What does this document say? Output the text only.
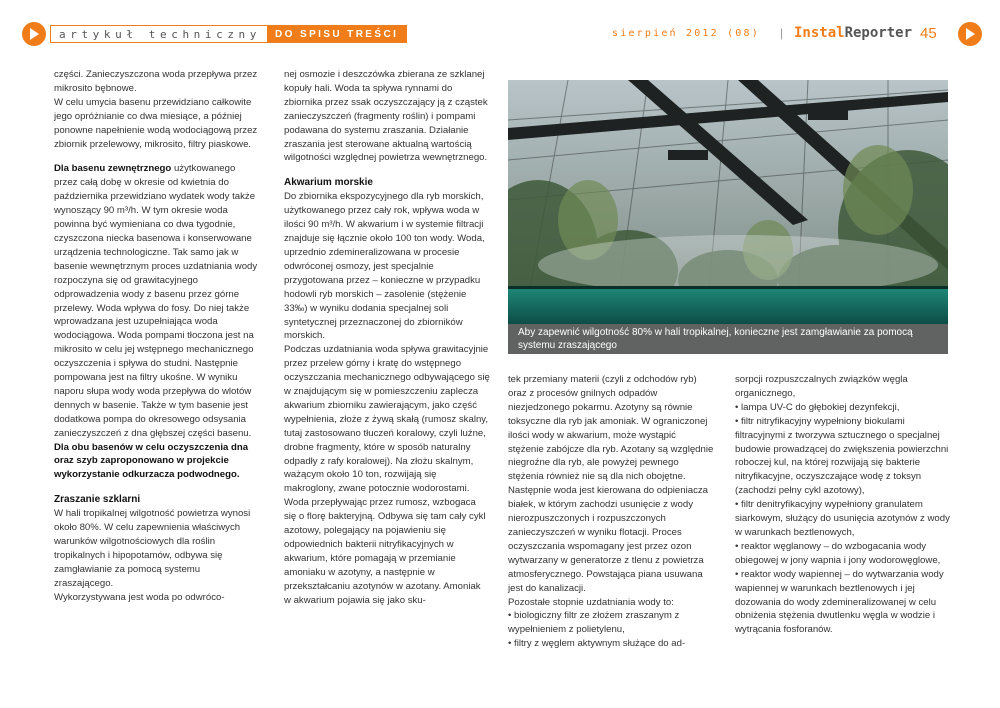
artykuł techniczny	DO SPISU TREŚCI	sierpień 2012 (08) | InstalReporter 45

części. Zanieczyszczona woda przepływa przez mikrosito bębnowe.

W celu umycia basenu przewidziano całkowite jego opróżnianie co dwa miesiące, a później ponowne napełnienie wodą wodociągową przez zbiornik przelewowy, mikrosito, filtry piaskowe.

Dla basenu zewnętrznego użytkowanego przez całą dobę w okresie od kwietnia do października przewidziano wydatek wody także wynoszący 90 m³/h. W tym okresie woda powinna być wymieniana co dwa tygodnie, czyszczona niecka basenowa i konserwowane urządzenia technologiczne. Tak samo jak w basenie wewnętrznym proces uzdatniania wody rozpoczyna się od grawitacyjnego odprowadzenia wody z basenu przez górne przelewy. Woda wpływa do fosy. Do niej także wprowadzana jest uzupełniająca woda wodociągowa. Woda pompami tłoczona jest na mikrosito w celu jej wstępnego mechanicznego oczyszczenia i spływa do studni. Następnie pompowana jest na filtry ukośne. W wyniku naporu słupa wody woda przepływa do wlotów dennych w basenie. Także w tym basenie jest dodatkowa pompa do okresowego odsysania zanieczyszczeń z dna głębszej części basenu.

Dla obu basenów w celu oczyszczenia dna oraz szyb zaproponowano w projekcie wykorzystanie odkurzacza podwodnego.

Zraszanie szklarni

W hali tropikalnej wilgotność powietrza wynosi około 80%. W celu zapewnienia właściwych warunków wilgotnościowych dla roślin tropikalnych i hipopotamów, odbywa się zamgławianie za pomocą systemu zraszającego.

Wykorzystywana jest woda po odwróco-

nej osmozie i deszczówka zbierana ze szklanej kopuły hali. Woda ta spływa rynnami do zbiornika przez ssak oczyszczający ją z cząstek zanieczyszczeń (fragmenty roślin) i pompami podawana do systemu zraszania. Działanie zraszania jest sterowane aktualną wartością wilgotności względnej powietrza wewnętrznego.

Akwarium morskie

Do zbiornika ekspozycyjnego dla ryb morskich, użytkowanego przez cały rok, wpływa woda w ilości 90 m³/h. W akwarium i w systemie filtracji znajduje się łącznie około 100 ton wody. Woda, uprzednio zdemineralizowana w procesie odwróconej osmozy, jest specjalnie przygotowana przez – konieczne w przypadku hodowli ryb morskich – zasolenie (stężenie 33‰) w wyniku dodania specjalnej soli syntetycznej przeznaczonej do zbiorników morskich.

Podczas uzdatniania woda spływa grawitacyjnie przez przelew górny i kratę do wstępnego oczyszczania mechanicznego odbywającego się w znajdującym się w pomieszczeniu zaplecza akwarium zbiorniku zawierającym, jako część wypełnienia, złoże z żywą skałą (rumosz skalny, tutaj zastosowano tłuczeń koralowy, czyli luźne, drobne fragmenty, które w sposób naturalny odpadły z rafy koralowej). Na złożu skalnym, ważącym około 10 ton, rozwijają się makroglony, zwane potocznie wodorostami.

Woda przepływając przez rumosz, wzbogaca się o florę bakteryjną. Odbywa się tam cały cykl azotowy, polegający na pojawieniu się odpowiednich bakterii nitryfikacyjnych w akwarium, które pomagają w przemianie amoniaku w azotyny, a następnie w przekształcaniu azotynów w azotany. Amoniak w akwarium pojawia się jako sku-

Aby zapewnić wilgotność 80% w hali tropikalnej, konieczne jest zamgławianie za pomocą systemu zraszającego

tek przemiany materii (czyli z odchodów ryb) oraz z procesów gnilnych odpadów niezjedzonego pokarmu. Azotyny są równie toksyczne dla ryb jak amoniak. W ograniczonej ilości wody w akwarium, może wystąpić stężenie zabójcze dla ryb. Azotany są względnie niegroźne dla ryb, ale powyżej pewnego stężenia również nie są dla nich obojętne.

Następnie woda jest kierowana do odpieniacza białek, w którym zachodzi usunięcie z wody nierozpuszczonych i rozpuszczonych zanieczyszczeń w wyniku flotacji. Proces oczyszczania wspomagany jest przez ozon wytwarzany w generatorze z tlenu z powietrza atmosferycznego. Powstająca piana usuwana jest do kanalizacji.

Pozostałe stopnie uzdatniania wody to:

• biologiczny filtr ze złożem zraszanym z wypełnieniem z polietylenu,
• filtry z węglem aktywnym służące do ad-

sorpcji rozpuszczalnych związków węgla organicznego,

• lampa UV-C do głębokiej dezynfekcji,
• filtr nitryfikacyjny wypełniony biokulami filtracyjnymi z tworzywa sztucznego o specjalnej budowie prowadzącej do zwiększenia powierzchni roboczej kul, na której rozwijają się bakterie nitryfikacyjne, oczyszczające wodę z toksyn (zachodzi pełny cykl azotowy),
• filtr denitryfikacyjny wypełniony granulatem siarkowym, służący do usunięcia azotynów z wody w warunkach beztlenowych,
• reaktor węglanowy – do wzbogacania wody obiegowej w jony wapnia i jony wodorowęglowe,
• reaktor wody wapiennej – do wytwarzania wody wapiennej w warunkach beztlenowych i jej dozowania do wody zdemineralizowanej w celu obniżenia stężenia dwutlenku węgla w wodzie i wytrącania fosforanów.
